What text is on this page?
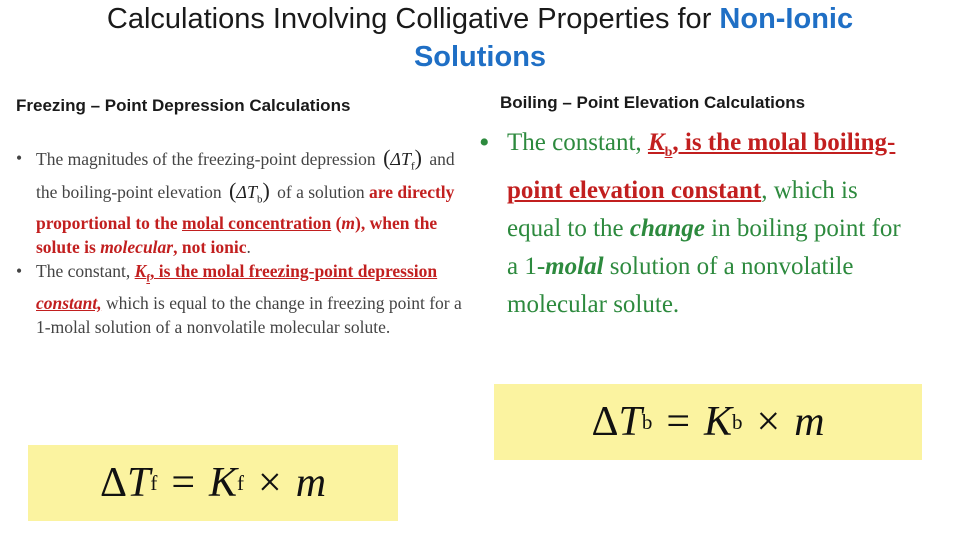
Calculations Involving Colligative Properties for Non-Ionic
Solutions
Freezing – Point Depression Calculations	Boiling – Point Elevation Calculations
• The magnitudes of the freezing-point depression $(\Delta T_f)$ and the boiling-point elevation $(\Delta T_b)$ of a solution are directly proportional to the molal concentration (m), when the solute is molecular, not ionic.
• The constant, $K_f$, is the molal freezing-point depression constant, which is equal to the change in freezing point for a 1-molal solution of a nonvolatile molecular solute.
• The constant, $K_b$, is the molal boiling-point elevation constant, which is equal to the change in boiling point for a 1-molal solution of a nonvolatile molecular solute.
Δ T f = K f × m
Δ T b = K b × m
